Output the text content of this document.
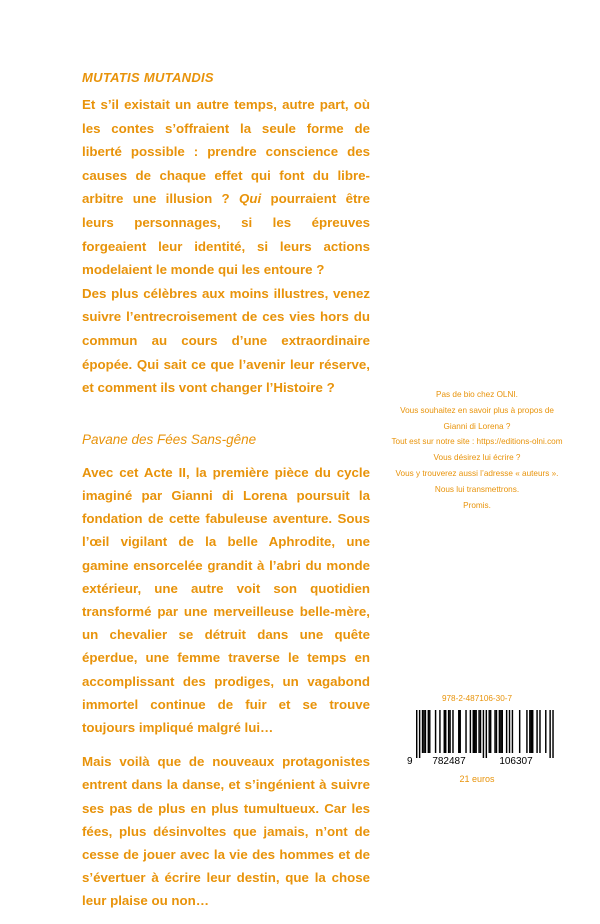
MUTATIS MUTANDIS

Et s’il existait un autre temps, autre part, où les contes s’offraient la seule forme de liberté possible : prendre conscience des causes de chaque effet qui font du libre-arbitre une illusion ? Qui pourraient être leurs personnages, si les épreuves forgeaient leur identité, si leurs actions modelaient le monde qui les entoure ?

Des plus célèbres aux moins illustres, venez suivre l’entrecroisement de ces vies hors du commun au cours d’une extraordinaire épopée. Qui sait ce que l’avenir leur réserve, et comment ils vont changer l’Histoire ?

Pavane des Fées Sans-gêne

Avec cet Acte II, la première pièce du cycle imaginé par Gianni di Lorena poursuit la fondation de cette fabuleuse aventure. Sous l’œil vigilant de la belle Aphrodite, une gamine ensorcelée grandit à l’abri du monde extérieur, une autre voit son quotidien transformé par une merveilleuse belle-mère, un chevalier se détruit dans une quête éperdue, une femme traverse le temps en accomplissant des prodiges, un vagabond immortel continue de fuir et se trouve toujours impliqué malgré lui…

Mais voilà que de nouveaux protagonistes entrent dans la danse, et s’ingénient à suivre ses pas de plus en plus tumultueux. Car les fées, plus désinvoltes que jamais, n’ont de cesse de jouer avec la vie des hommes et de s’évertuer à écrire leur destin, que la chose leur plaise ou non…

Pas de bio chez OLNI.
Vous souhaitez en savoir plus à propos de
Gianni di Lorena ?
Tout est sur notre site : https://editions-olni.com
Vous désirez lui écrire ?
Vous y trouverez aussi l’adresse « auteurs ».
Nous lui transmettrons.
Promis.
978-2-487106-30-7
9 782487	106307
21 euros
